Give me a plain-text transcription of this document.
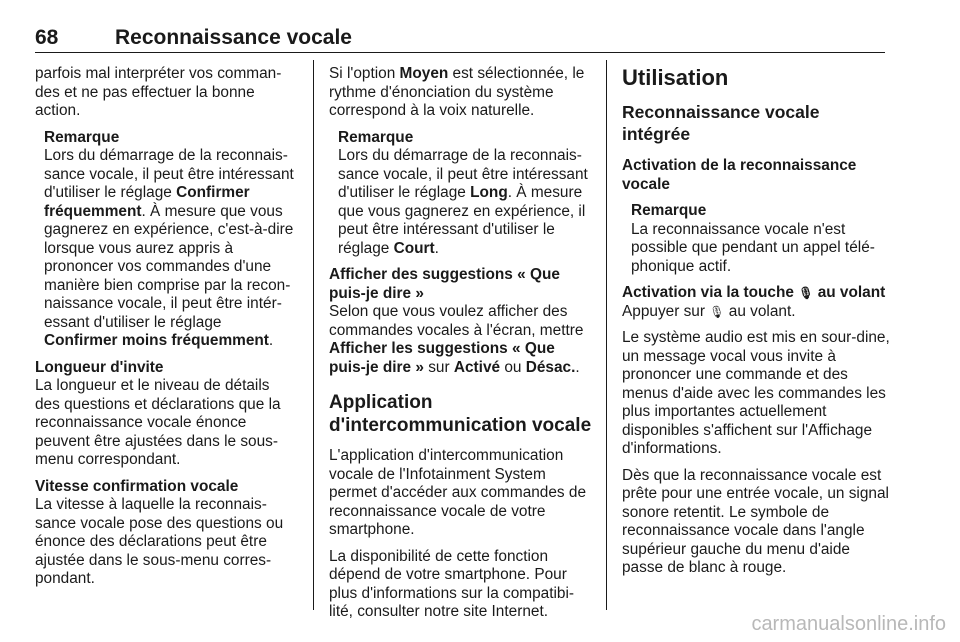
68	Reconnaissance vocale

parfois mal interpréter vos comman-des et ne pas effectuer la bonne action.

Remarque
Lors du démarrage de la reconnais-sance vocale, il peut être intéressant d'utiliser le réglage Confirmer fréquemment. À mesure que vous gagnerez en expérience, c'est-à-dire lorsque vous aurez appris à prononcer vos commandes d'une manière bien comprise par la recon-naissance vocale, il peut être intér-essant d'utiliser le réglage Confirmer moins fréquemment.

Longueur d'invite
La longueur et le niveau de détails des questions et déclarations que la reconnaissance vocale énonce peuvent être ajustées dans le sous-menu correspondant.

Vitesse confirmation vocale
La vitesse à laquelle la reconnais-sance vocale pose des questions ou énonce des déclarations peut être ajustée dans le sous-menu corres-pondant.

Si l'option Moyen est sélectionnée, le rythme d'énonciation du système correspond à la voix naturelle.

Remarque
Lors du démarrage de la reconnais-sance vocale, il peut être intéressant d'utiliser le réglage Long. À mesure que vous gagnerez en expérience, il peut être intéressant d'utiliser le réglage Court.

Afficher des suggestions « Que puis-je dire »
Selon que vous voulez afficher des commandes vocales à l'écran, mettre Afficher les suggestions « Que puis-je dire » sur Activé ou Désac..

Application d'intercommunication vocale

L'application d'intercommunication vocale de l'Infotainment System permet d'accéder aux commandes de reconnaissance vocale de votre smartphone.

La disponibilité de cette fonction dépend de votre smartphone. Pour plus d'informations sur la compatibi-lité, consulter notre site Internet.

Utilisation
Reconnaissance vocale intégrée

Activation de la reconnaissance vocale

Remarque
La reconnaissance vocale n'est possible que pendant un appel télé-phonique actif.

Activation via la touche 🎙 au volant
Appuyer sur 🎙 au volant.

Le système audio est mis en sour-dine, un message vocal vous invite à prononcer une commande et des menus d'aide avec les commandes les plus importantes actuellement disponibles s'affichent sur l'Affichage d'informations.

Dès que la reconnaissance vocale est prête pour une entrée vocale, un signal sonore retentit. Le symbole de reconnaissance vocale dans l'angle supérieur gauche du menu d'aide passe de blanc à rouge.

carmanualsonline.info
